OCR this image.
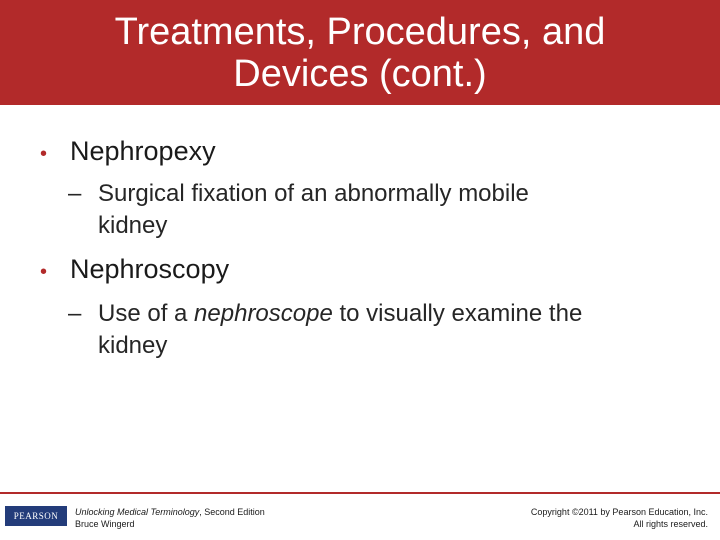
Treatments, Procedures, and
Devices (cont.)
• Nephropexy
– Surgical fixation of an abnormally mobile
kidney
• Nephroscopy
– Use of a nephroscope to visually examine the
kidney
PEARSON Unlocking Medical Terminology, Second Edition
Bruce Wingerd
Copyright ©2011 by Pearson Education, Inc.
All rights reserved.
